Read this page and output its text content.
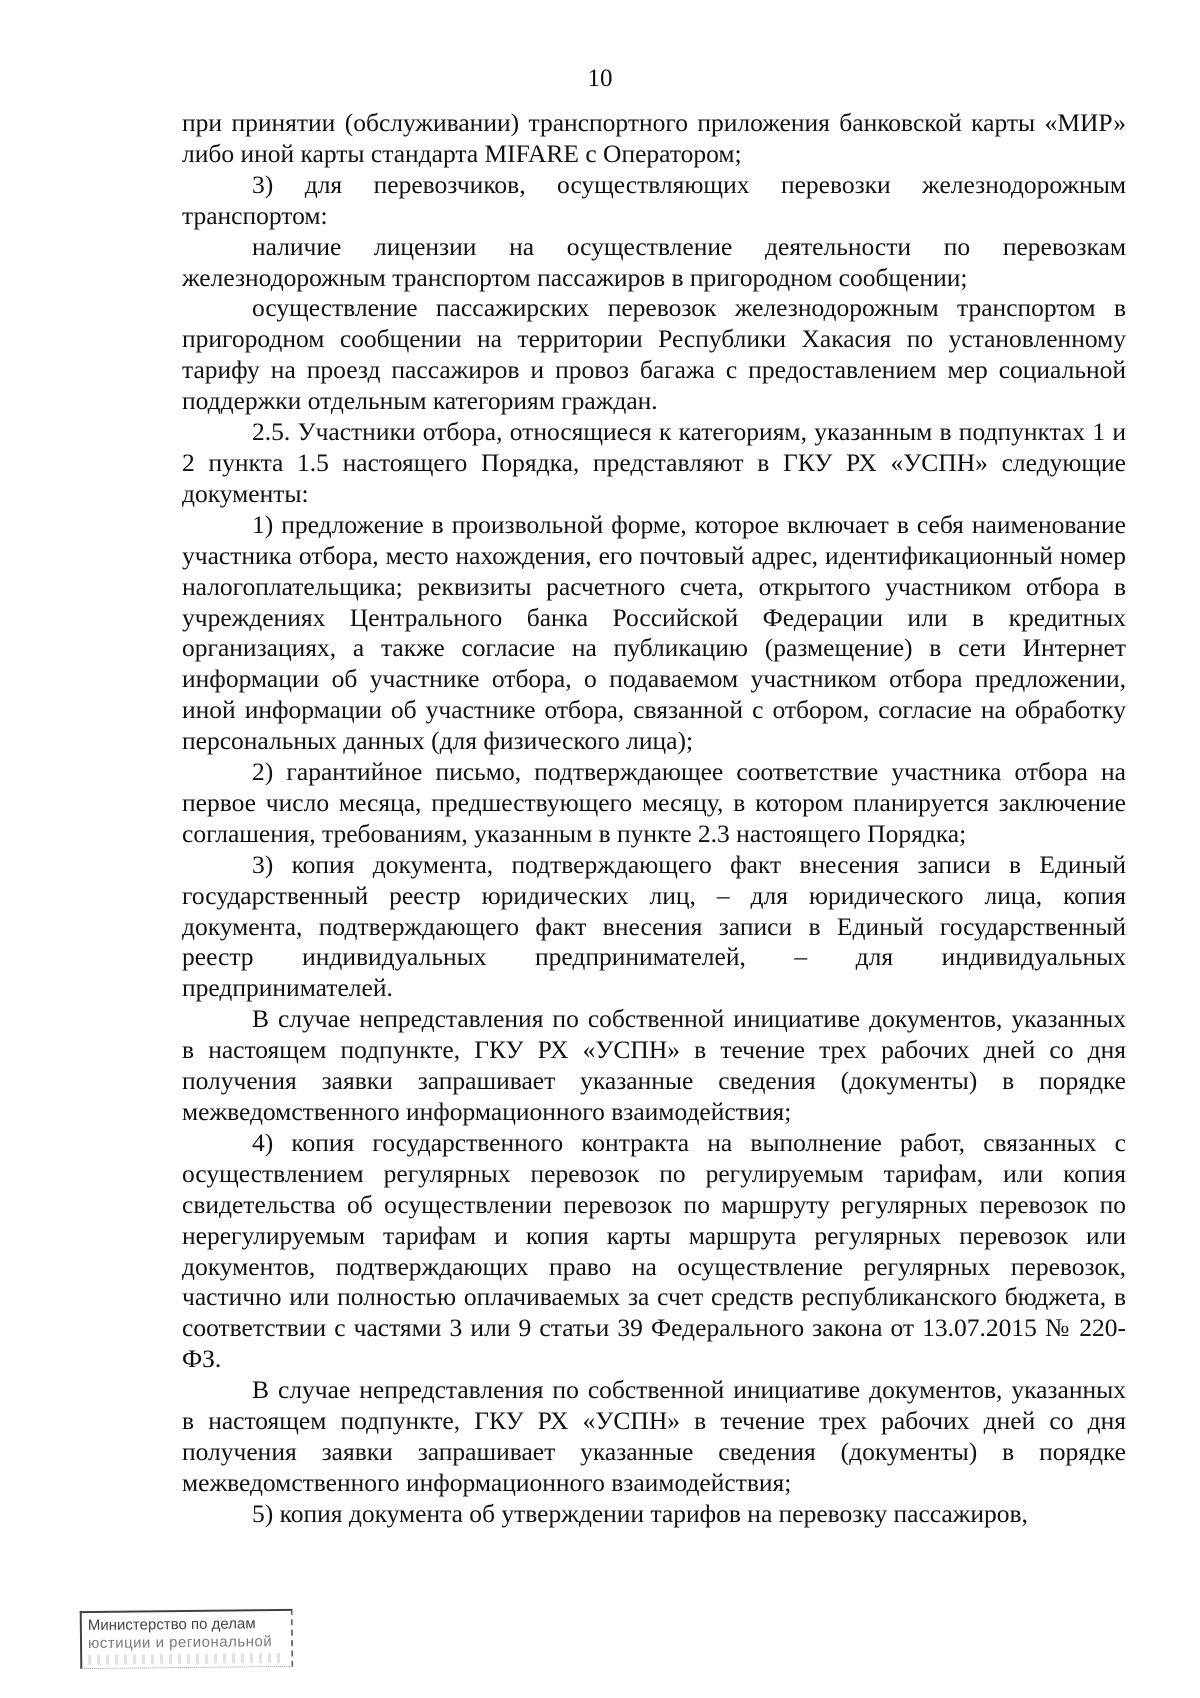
10

при принятии (обслуживании) транспортного приложения банковской карты «МИР» либо иной карты стандарта MIFARE с Оператором;

3) для перевозчиков, осуществляющих перевозки железнодорожным транспортом:

наличие лицензии на осуществление деятельности по перевозкам железнодорожным транспортом пассажиров в пригородном сообщении;

осуществление пассажирских перевозок железнодорожным транспортом в пригородном сообщении на территории Республики Хакасия по установленному тарифу на проезд пассажиров и провоз багажа с предоставлением мер социальной поддержки отдельным категориям граждан.

2.5. Участники отбора, относящиеся к категориям, указанным в подпунктах 1 и 2 пункта 1.5 настоящего Порядка, представляют в ГКУ РХ «УСПН» следующие документы:

1) предложение в произвольной форме, которое включает в себя наименование участника отбора, место нахождения, его почтовый адрес, идентификационный номер налогоплательщика; реквизиты расчетного счета, открытого участником отбора в учреждениях Центрального банка Российской Федерации или в кредитных организациях, а также согласие на публикацию (размещение) в сети Интернет информации об участнике отбора, о подаваемом участником отбора предложении, иной информации об участнике отбора, связанной с отбором, согласие на обработку персональных данных (для физического лица);

2) гарантийное письмо, подтверждающее соответствие участника отбора на первое число месяца, предшествующего месяцу, в котором планируется заключение соглашения, требованиям, указанным в пункте 2.3 настоящего Порядка;

3) копия документа, подтверждающего факт внесения записи в Единый государственный реестр юридических лиц, – для юридического лица, копия документа, подтверждающего факт внесения записи в Единый государственный реестр индивидуальных предпринимателей, – для индивидуальных предпринимателей.

В случае непредставления по собственной инициативе документов, указанных в настоящем подпункте, ГКУ РХ «УСПН» в течение трех рабочих дней со дня получения заявки запрашивает указанные сведения (документы) в порядке межведомственного информационного взаимодействия;

4) копия государственного контракта на выполнение работ, связанных с осуществлением регулярных перевозок по регулируемым тарифам, или копия свидетельства об осуществлении перевозок по маршруту регулярных перевозок по нерегулируемым тарифам и копия карты маршрута регулярных перевозок или документов, подтверждающих право на осуществление регулярных перевозок, частично или полностью оплачиваемых за счет средств республиканского бюджета, в соответствии с частями 3 или 9 статьи 39 Федерального закона от 13.07.2015 № 220-ФЗ.

В случае непредставления по собственной инициативе документов, указанных в настоящем подпункте, ГКУ РХ «УСПН» в течение трех рабочих дней со дня получения заявки запрашивает указанные сведения (документы) в порядке межведомственного информационного взаимодействия;

5) копия документа об утверждении тарифов на перевозку пассажиров,

Министерство по делам
юстиции и региональной
